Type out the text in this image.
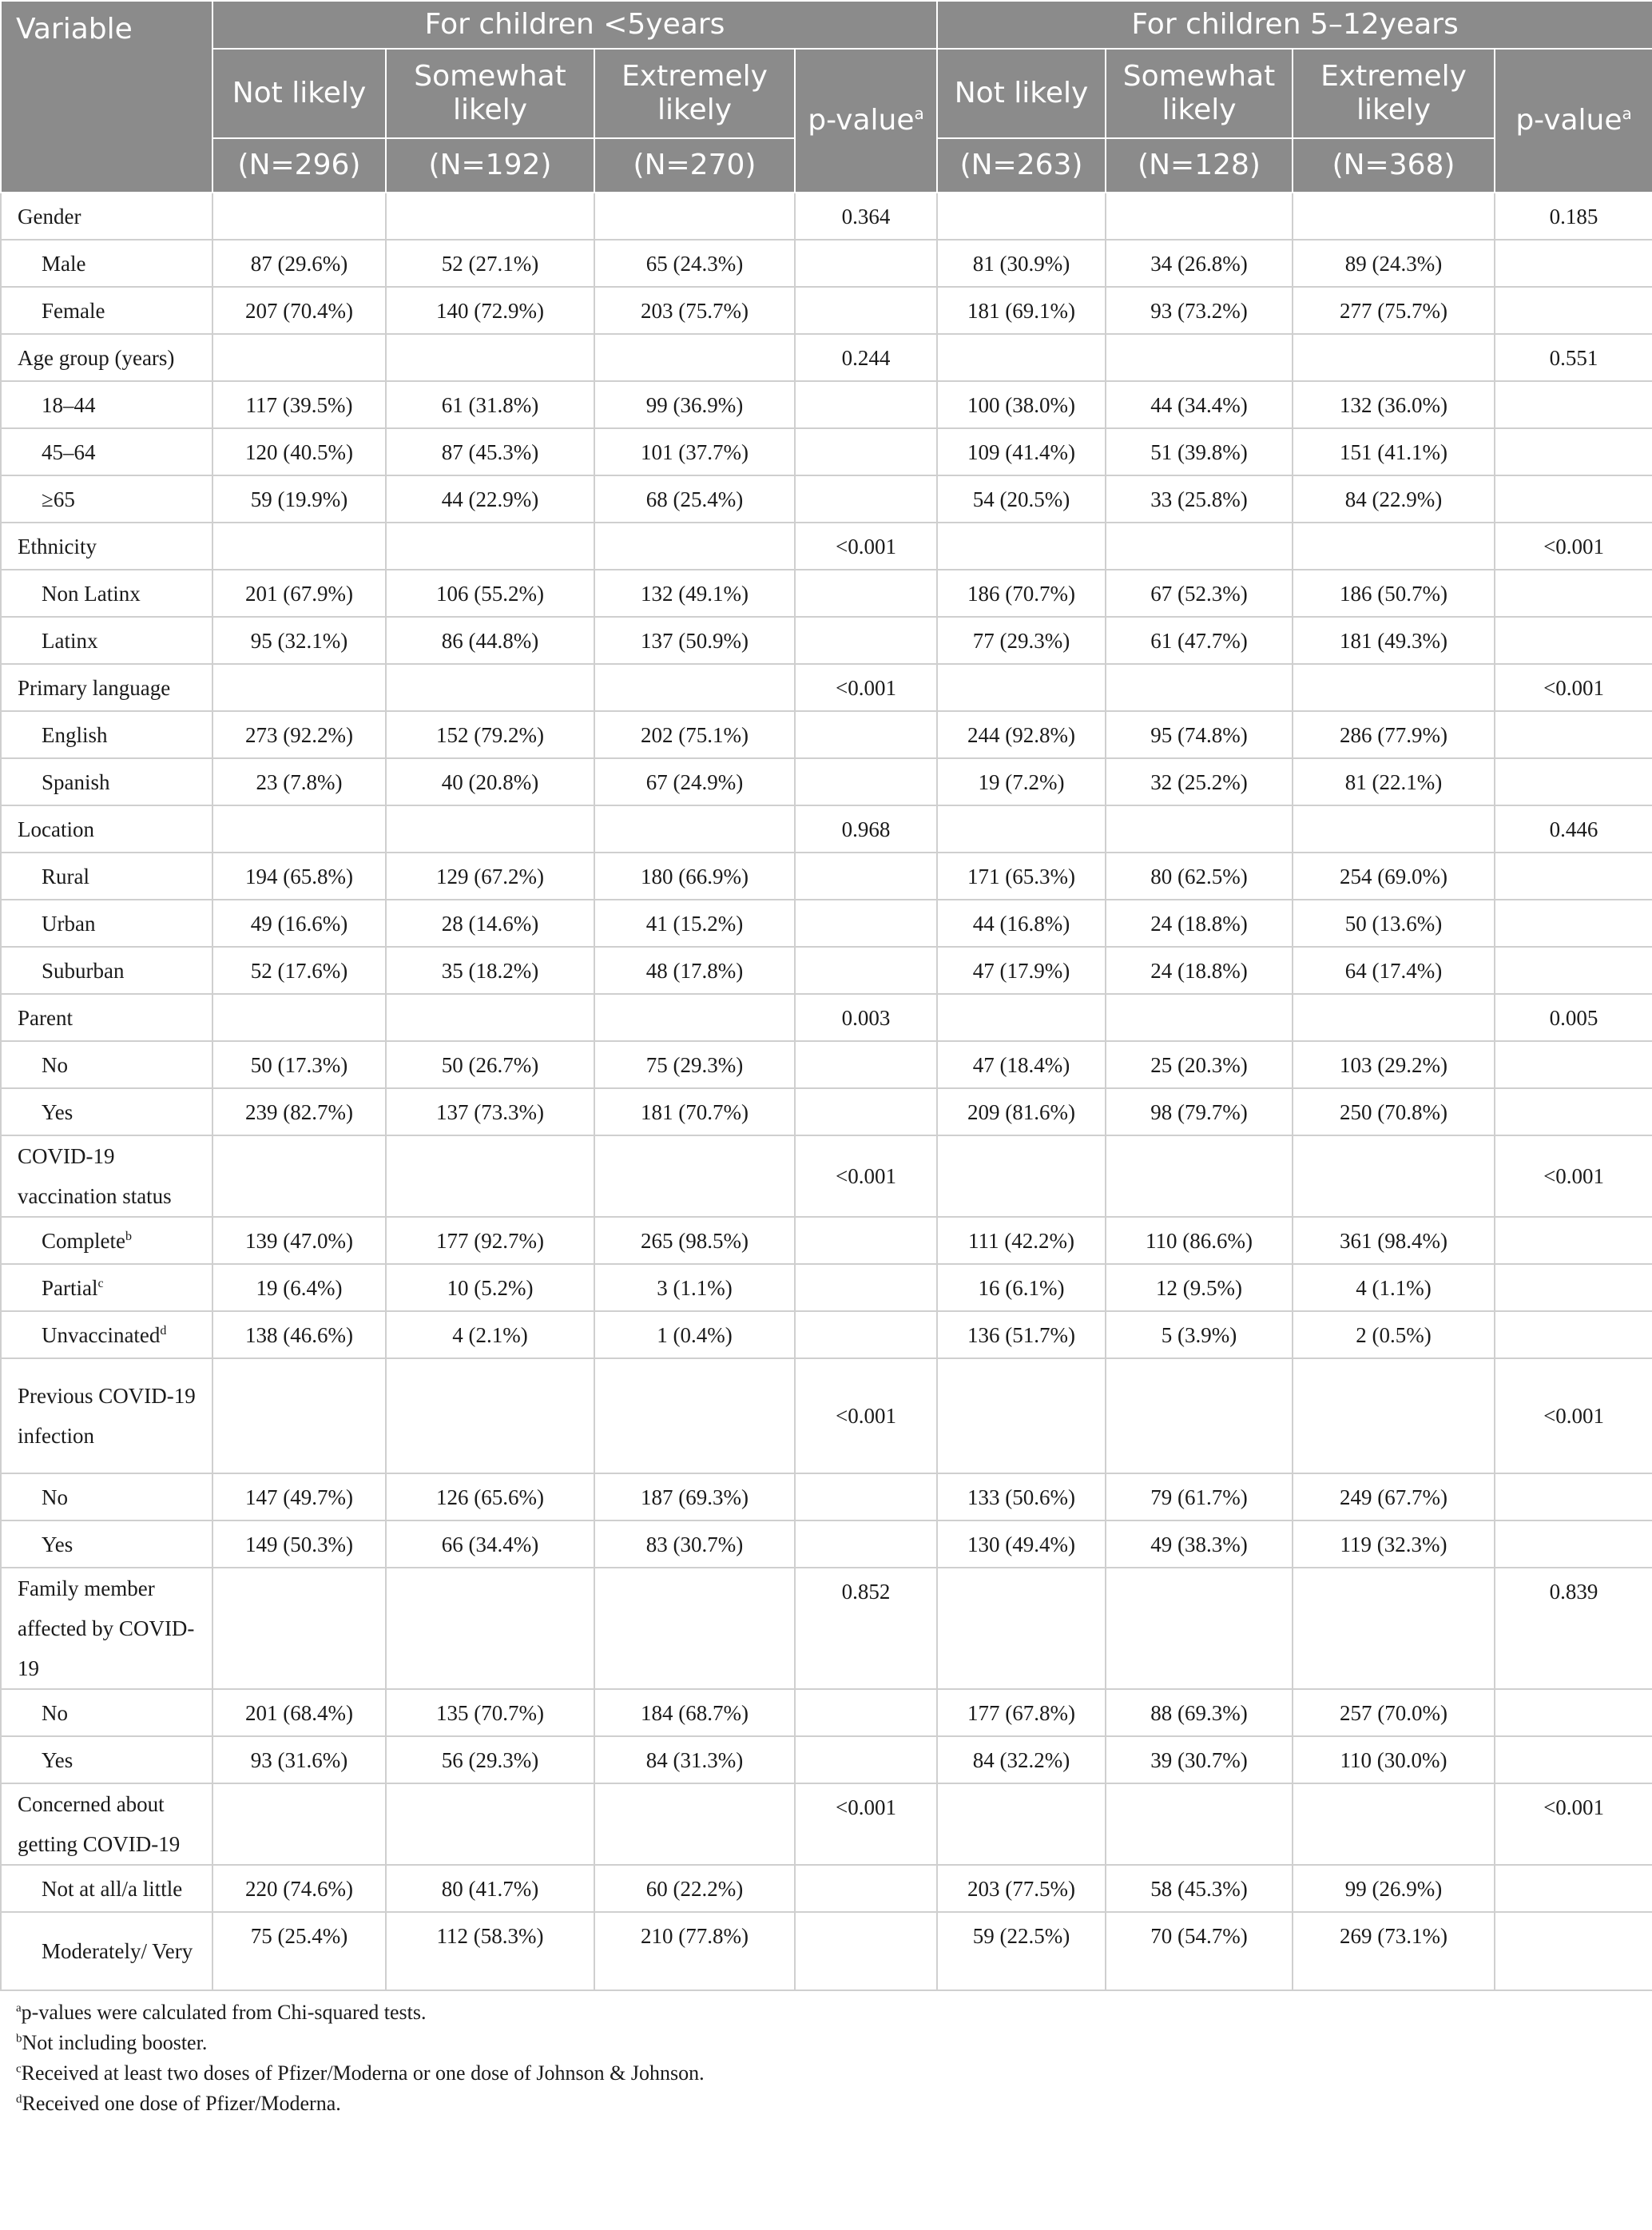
Variable	For children <5years				For children 5–12years			
	Not likely	Somewhat likely	Extremely likely	p-value$^a$	Not likely	Somewhat likely	Extremely likely	p-value$^a$
	(N=296)	(N=192)	(N=270)		(N=263)	(N=128)	(N=368)	
Gender				0.364				0.185
Male	87 (29.6%)	52 (27.1%)	65 (24.3%)		81 (30.9%)	34 (26.8%)	89 (24.3%)	
Female	207 (70.4%)	140 (72.9%)	203 (75.7%)		181 (69.1%)	93 (73.2%)	277 (75.7%)	
Age group (years)				0.244				0.551
18–44	117 (39.5%)	61 (31.8%)	99 (36.9%)		100 (38.0%)	44 (34.4%)	132 (36.0%)	
45–64	120 (40.5%)	87 (45.3%)	101 (37.7%)		109 (41.4%)	51 (39.8%)	151 (41.1%)	
≥65	59 (19.9%)	44 (22.9%)	68 (25.4%)		54 (20.5%)	33 (25.8%)	84 (22.9%)	
Ethnicity				<0.001				<0.001
Non Latinx	201 (67.9%)	106 (55.2%)	132 (49.1%)		186 (70.7%)	67 (52.3%)	186 (50.7%)	
Latinx	95 (32.1%)	86 (44.8%)	137 (50.9%)		77 (29.3%)	61 (47.7%)	181 (49.3%)	
Primary language				<0.001				<0.001
English	273 (92.2%)	152 (79.2%)	202 (75.1%)		244 (92.8%)	95 (74.8%)	286 (77.9%)	
Spanish	23 (7.8%)	40 (20.8%)	67 (24.9%)		19 (7.2%)	32 (25.2%)	81 (22.1%)	
Location				0.968				0.446
Rural	194 (65.8%)	129 (67.2%)	180 (66.9%)		171 (65.3%)	80 (62.5%)	254 (69.0%)	
Urban	49 (16.6%)	28 (14.6%)	41 (15.2%)		44 (16.8%)	24 (18.8%)	50 (13.6%)	
Suburban	52 (17.6%)	35 (18.2%)	48 (17.8%)		47 (17.9%)	24 (18.8%)	64 (17.4%)	
Parent				0.003				0.005
No	50 (17.3%)	50 (26.7%)	75 (29.3%)		47 (18.4%)	25 (20.3%)	103 (29.2%)	
Yes	239 (82.7%)	137 (73.3%)	181 (70.7%)		209 (81.6%)	98 (79.7%)	250 (70.8%)	
COVID-19 vaccination status				<0.001				<0.001
Complete$^b$	139 (47.0%)	177 (92.7%)	265 (98.5%)		111 (42.2%)	110 (86.6%)	361 (98.4%)	
Partial$^c$	19 (6.4%)	10 (5.2%)	3 (1.1%)		16 (6.1%)	12 (9.5%)	4 (1.1%)	
Unvaccinated$^d$	138 (46.6%)	4 (2.1%)	1 (0.4%)		136 (51.7%)	5 (3.9%)	2 (0.5%)	
Previous COVID-19 infection				<0.001				<0.001
No	147 (49.7%)	126 (65.6%)	187 (69.3%)		133 (50.6%)	79 (61.7%)	249 (67.7%)	
Yes	149 (50.3%)	66 (34.4%)	83 (30.7%)		130 (49.4%)	49 (38.3%)	119 (32.3%)	
Family member affected by COVID-19				0.852				0.839
No	201 (68.4%)	135 (70.7%)	184 (68.7%)		177 (67.8%)	88 (69.3%)	257 (70.0%)	
Yes	93 (31.6%)	56 (29.3%)	84 (31.3%)		84 (32.2%)	39 (30.7%)	110 (30.0%)	
Concerned about getting COVID-19				<0.001				<0.001
Not at all/a little	220 (74.6%)	80 (41.7%)	60 (22.2%)		203 (77.5%)	58 (45.3%)	99 (26.9%)	
Moderately/ Very	75 (25.4%)	112 (58.3%)	210 (77.8%)		59 (22.5%)	70 (54.7%)	269 (73.1%)	
$^a$p-values were calculated from Chi-squared tests.
$^b$Not including booster.
$^c$Received at least two doses of Pfizer/Moderna or one dose of Johnson & Johnson.
$^d$Received one dose of Pfizer/Moderna.
